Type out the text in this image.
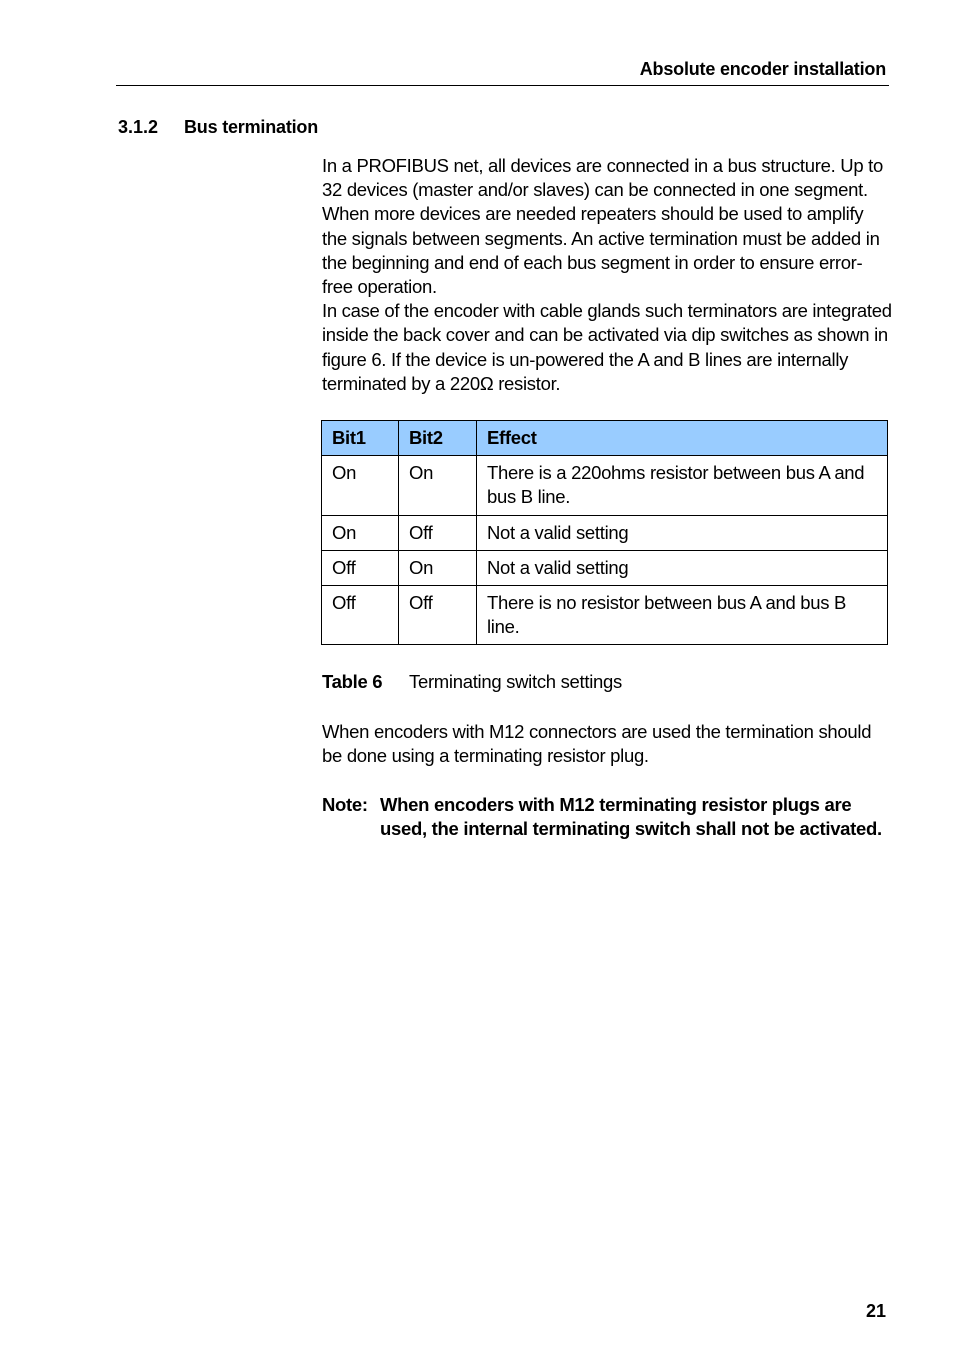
Absolute encoder installation
3.1.2 Bus termination
In a PROFIBUS net, all devices are connected in a bus structure. Up to 32 devices (master and/or slaves) can be connected in one segment. When more devices are needed repeaters should be used to amplify the signals between segments. An active termination must be added in the beginning and end of each bus segment in order to ensure error-free operation.
In case of the encoder with cable glands such terminators are integrated inside the back cover and can be activated via dip switches as shown in figure 6. If the device is un-powered the A and B lines are internally terminated by a 220Ω resistor.
Bit1	Bit2	Effect
On	On	There is a 220ohms resistor between bus A and bus B line.
On	Off	Not a valid setting
Off	On	Not a valid setting
Off	Off	There is no resistor between bus A and bus B line.
Table 6 Terminating switch settings
When encoders with M12 connectors are used the termination should be done using a terminating resistor plug.
Note: When encoders with M12 terminating resistor plugs are used, the internal terminating switch shall not be activated.
21
